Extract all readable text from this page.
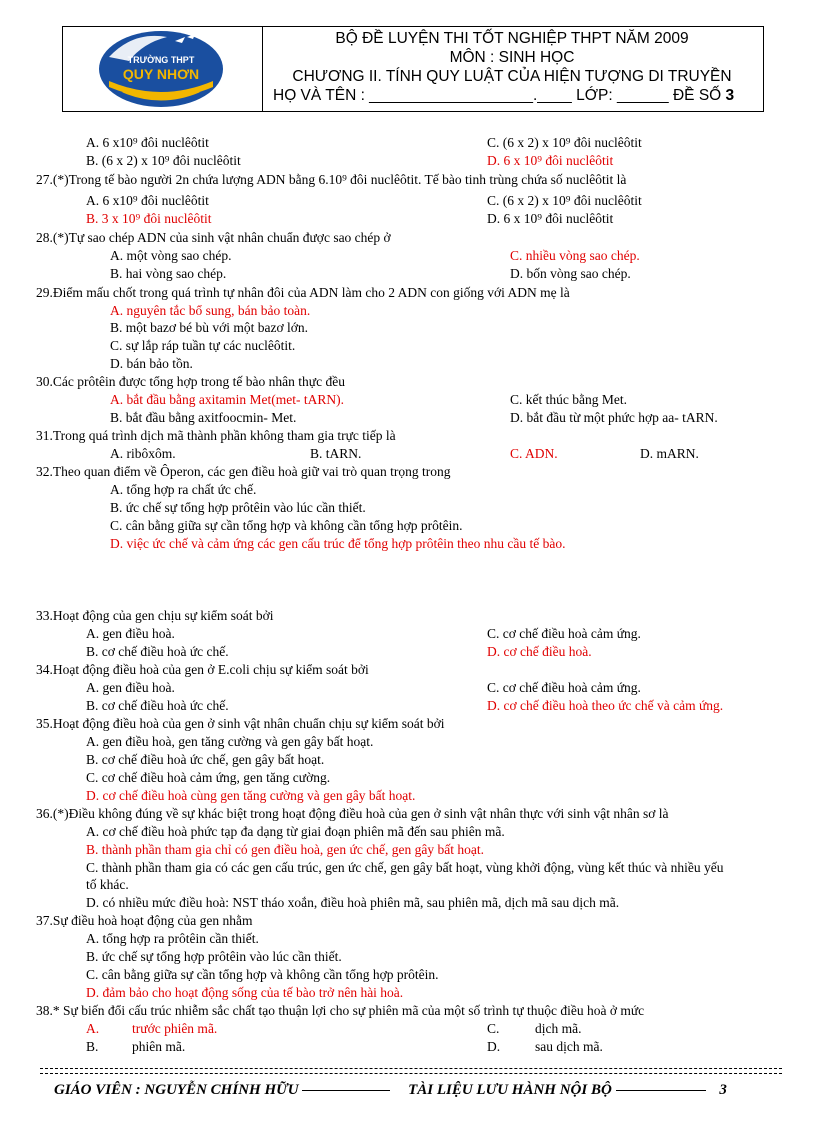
TRƯỜNG THPT
QUY NHƠN
BỘ ĐỀ LUYỆN THI TỐT NGHIỆP THPT NĂM 2009
MÔN : SINH HỌC
CHƯƠNG II. TÍNH QUY LUẬT CỦA HIỆN TƯỢNG DI TRUYỀN
HỌ VÀ TÊN : ___________________.____ LỚP: ______ ĐỀ SỐ 3
A. 6 x10⁹ đôi nuclêôtit	C. (6 x 2) x 10⁹ đôi nuclêôtit
B. (6 x 2) x 10⁹ đôi nuclêôtit	D. 6 x 10⁹ đôi nuclêôtit
27.(*)Trong tế bào người 2n chứa lượng ADN bằng 6.10⁹ đôi nuclêôtit. Tế bào tinh trùng chứa số nuclêôtit là
A. 6 x10⁹ đôi nuclêôtit	C. (6 x 2) x 10⁹ đôi nuclêôtit
B. 3 x 10⁹ đôi nuclêôtit	D. 6 x 10⁹ đôi nuclêôtit
28.(*)Tự sao chép ADN của sinh vật nhân chuẩn được sao chép ở
A. một vòng sao chép.	C. nhiều vòng sao chép.
B. hai vòng sao chép.	D. bốn vòng sao chép.
29.Điểm mấu chốt trong quá trình tự nhân đôi của ADN làm cho 2 ADN con giống với ADN mẹ là
A. nguyên tắc bổ sung, bán bảo toàn.
B. một bazơ bé bù với một bazơ lớn.
C. sự lắp ráp tuần tự các nuclêôtit.
D. bán bảo tồn.
30.Các prôtêin được tổng hợp trong tế bào nhân thực đều
A. bắt đầu bằng axitamin Met(met- tARN).	C. kết thúc bằng Met.
B. bắt đầu bằng axitfoocmin- Met.	D. bắt đầu từ một phức hợp aa- tARN.
31.Trong quá trình dịch mã thành phần không tham gia trực tiếp là
A. ribôxôm.	B. tARN.	C. ADN.	D. mARN.
32.Theo quan điểm về Ôperon, các gen điều hoà giữ vai trò quan trọng trong
A. tổng hợp ra chất ức chế.
B. ức chế sự tổng hợp prôtêin vào lúc cần thiết.
C. cân bằng giữa sự cần tổng hợp và không cần tổng hợp prôtêin.
D. việc ức chế và cảm ứng các gen cấu trúc để tổng hợp prôtêin theo nhu cầu tế bào.
33.Hoạt động của gen chịu sự kiểm soát bởi
A. gen điều hoà.	C. cơ chế điều hoà cảm ứng.
B. cơ chế điều hoà ức chế.	D. cơ chế điều hoà.
34.Hoạt động điều hoà của gen ở E.coli chịu sự kiểm soát bởi
A. gen điều hoà.	C. cơ chế điều hoà cảm ứng.
B. cơ chế điều hoà ức chế.	D. cơ chế điều hoà theo ức chế và cảm ứng.
35.Hoạt động điều hoà của gen ở sinh vật nhân chuẩn chịu sự kiểm soát bởi
A. gen điều hoà, gen tăng cường và gen gây bất hoạt.
B. cơ chế điều hoà ức chế, gen gây bất hoạt.
C. cơ chế điều hoà cảm ứng, gen tăng cường.
D. cơ chế điều hoà cùng gen tăng cường và gen gây bất hoạt.
36.(*)Điều không đúng về sự khác biệt trong hoạt động điều hoà của gen ở sinh vật nhân thực với sinh vật nhân sơ là
A. cơ chế điều hoà phức tạp đa dạng từ giai đoạn phiên mã đến sau phiên mã.
B. thành phần tham gia chỉ có gen điều hoà, gen ức chế, gen gây bất hoạt.
C. thành phần tham gia có các gen cấu trúc, gen ức chế, gen gây bất hoạt, vùng khởi động, vùng kết thúc và nhiều yếu
tố khác.
D. có nhiều mức điều hoà: NST tháo xoắn, điều hoà phiên mã, sau phiên mã, dịch mã sau dịch mã.
37.Sự điều hoà hoạt động của gen nhằm
A. tổng hợp ra prôtêin cần thiết.
B. ức chế sự tổng hợp prôtêin vào lúc cần thiết.
C. cân bằng giữa sự cần tổng hợp và không cần tổng hợp prôtêin.
D. đảm bảo cho hoạt động sống của tế bào trở nên hài hoà.
38.* Sự biến đổi cấu trúc nhiễm sắc chất tạo thuận lợi cho sự phiên mã của một số trình tự thuộc điều hoà ở mức
A. trước phiên mã.	C.	dịch mã.
B. phiên mã.	D.	sau dịch mã.
GIÁO VIÊN : NGUYỄN CHÍNH HỮU	TÀI LIỆU LƯU HÀNH NỘI BỘ	3
